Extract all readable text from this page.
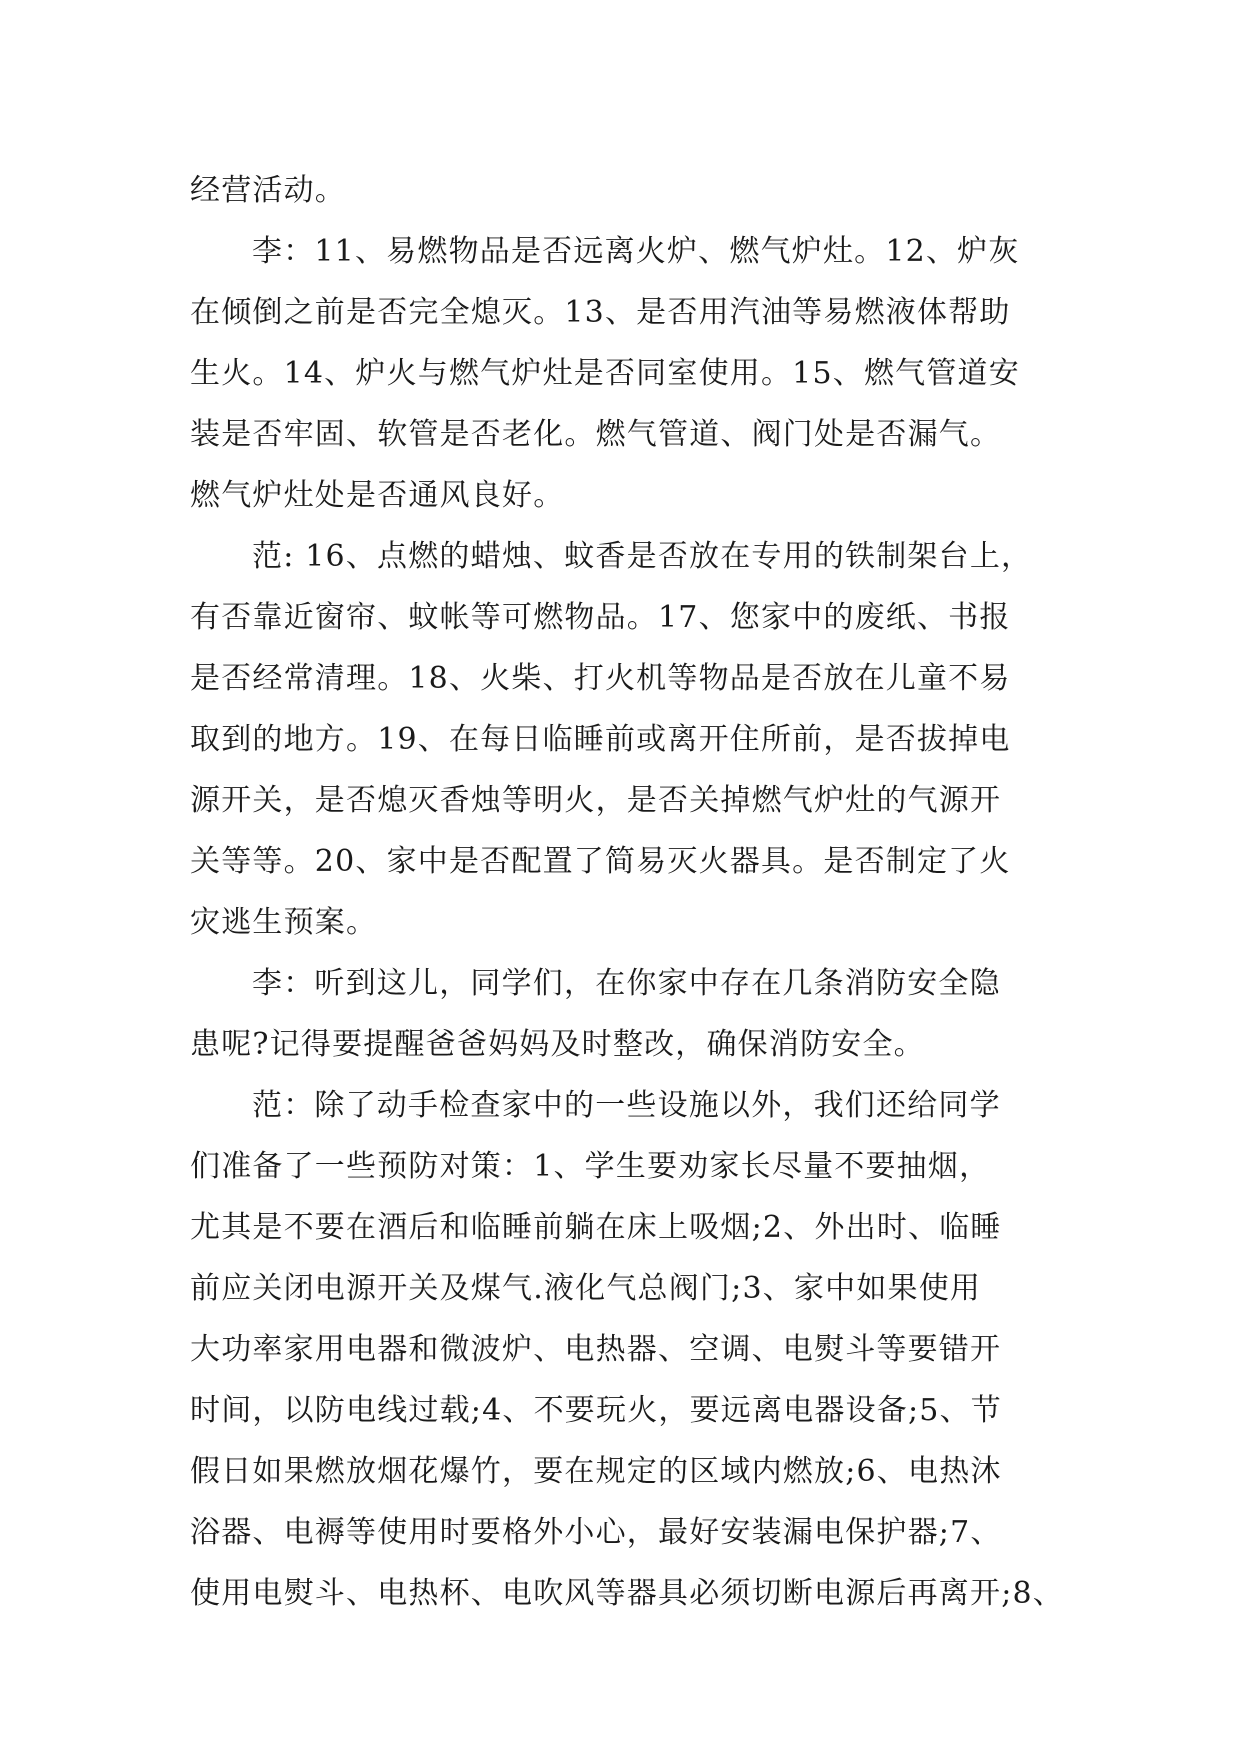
经营活动。
李：11、易燃物品是否远离火炉、燃气炉灶。12、炉灰
在倾倒之前是否完全熄灭。13、是否用汽油等易燃液体帮助
生火。14、炉火与燃气炉灶是否同室使用。15、燃气管道安
装是否牢固、软管是否老化。燃气管道、阀门处是否漏气。
燃气炉灶处是否通风良好。
范: 16、点燃的蜡烛、蚊香是否放在专用的铁制架台上，
有否靠近窗帘、蚊帐等可燃物品。17、您家中的废纸、书报
是否经常清理。18、火柴、打火机等物品是否放在儿童不易
取到的地方。19、在每日临睡前或离开住所前，是否拔掉电
源开关，是否熄灭香烛等明火，是否关掉燃气炉灶的气源开
关等等。20、家中是否配置了简易灭火器具。是否制定了火
灾逃生预案。
李：听到这儿，同学们，在你家中存在几条消防安全隐
患呢?记得要提醒爸爸妈妈及时整改，确保消防安全。
范：除了动手检查家中的一些设施以外，我们还给同学
们准备了一些预防对策：1、学生要劝家长尽量不要抽烟，
尤其是不要在酒后和临睡前躺在床上吸烟;2、外出时、临睡
前应关闭电源开关及煤气.液化气总阀门;3、家中如果使用
大功率家用电器和微波炉、电热器、空调、电熨斗等要错开
时间，以防电线过载;4、不要玩火，要远离电器设备;5、节
假日如果燃放烟花爆竹，要在规定的区域内燃放;6、电热沐
浴器、电褥等使用时要格外小心，最好安装漏电保护器;7、
使用电熨斗、电热杯、电吹风等器具必须切断电源后再离开;8、
